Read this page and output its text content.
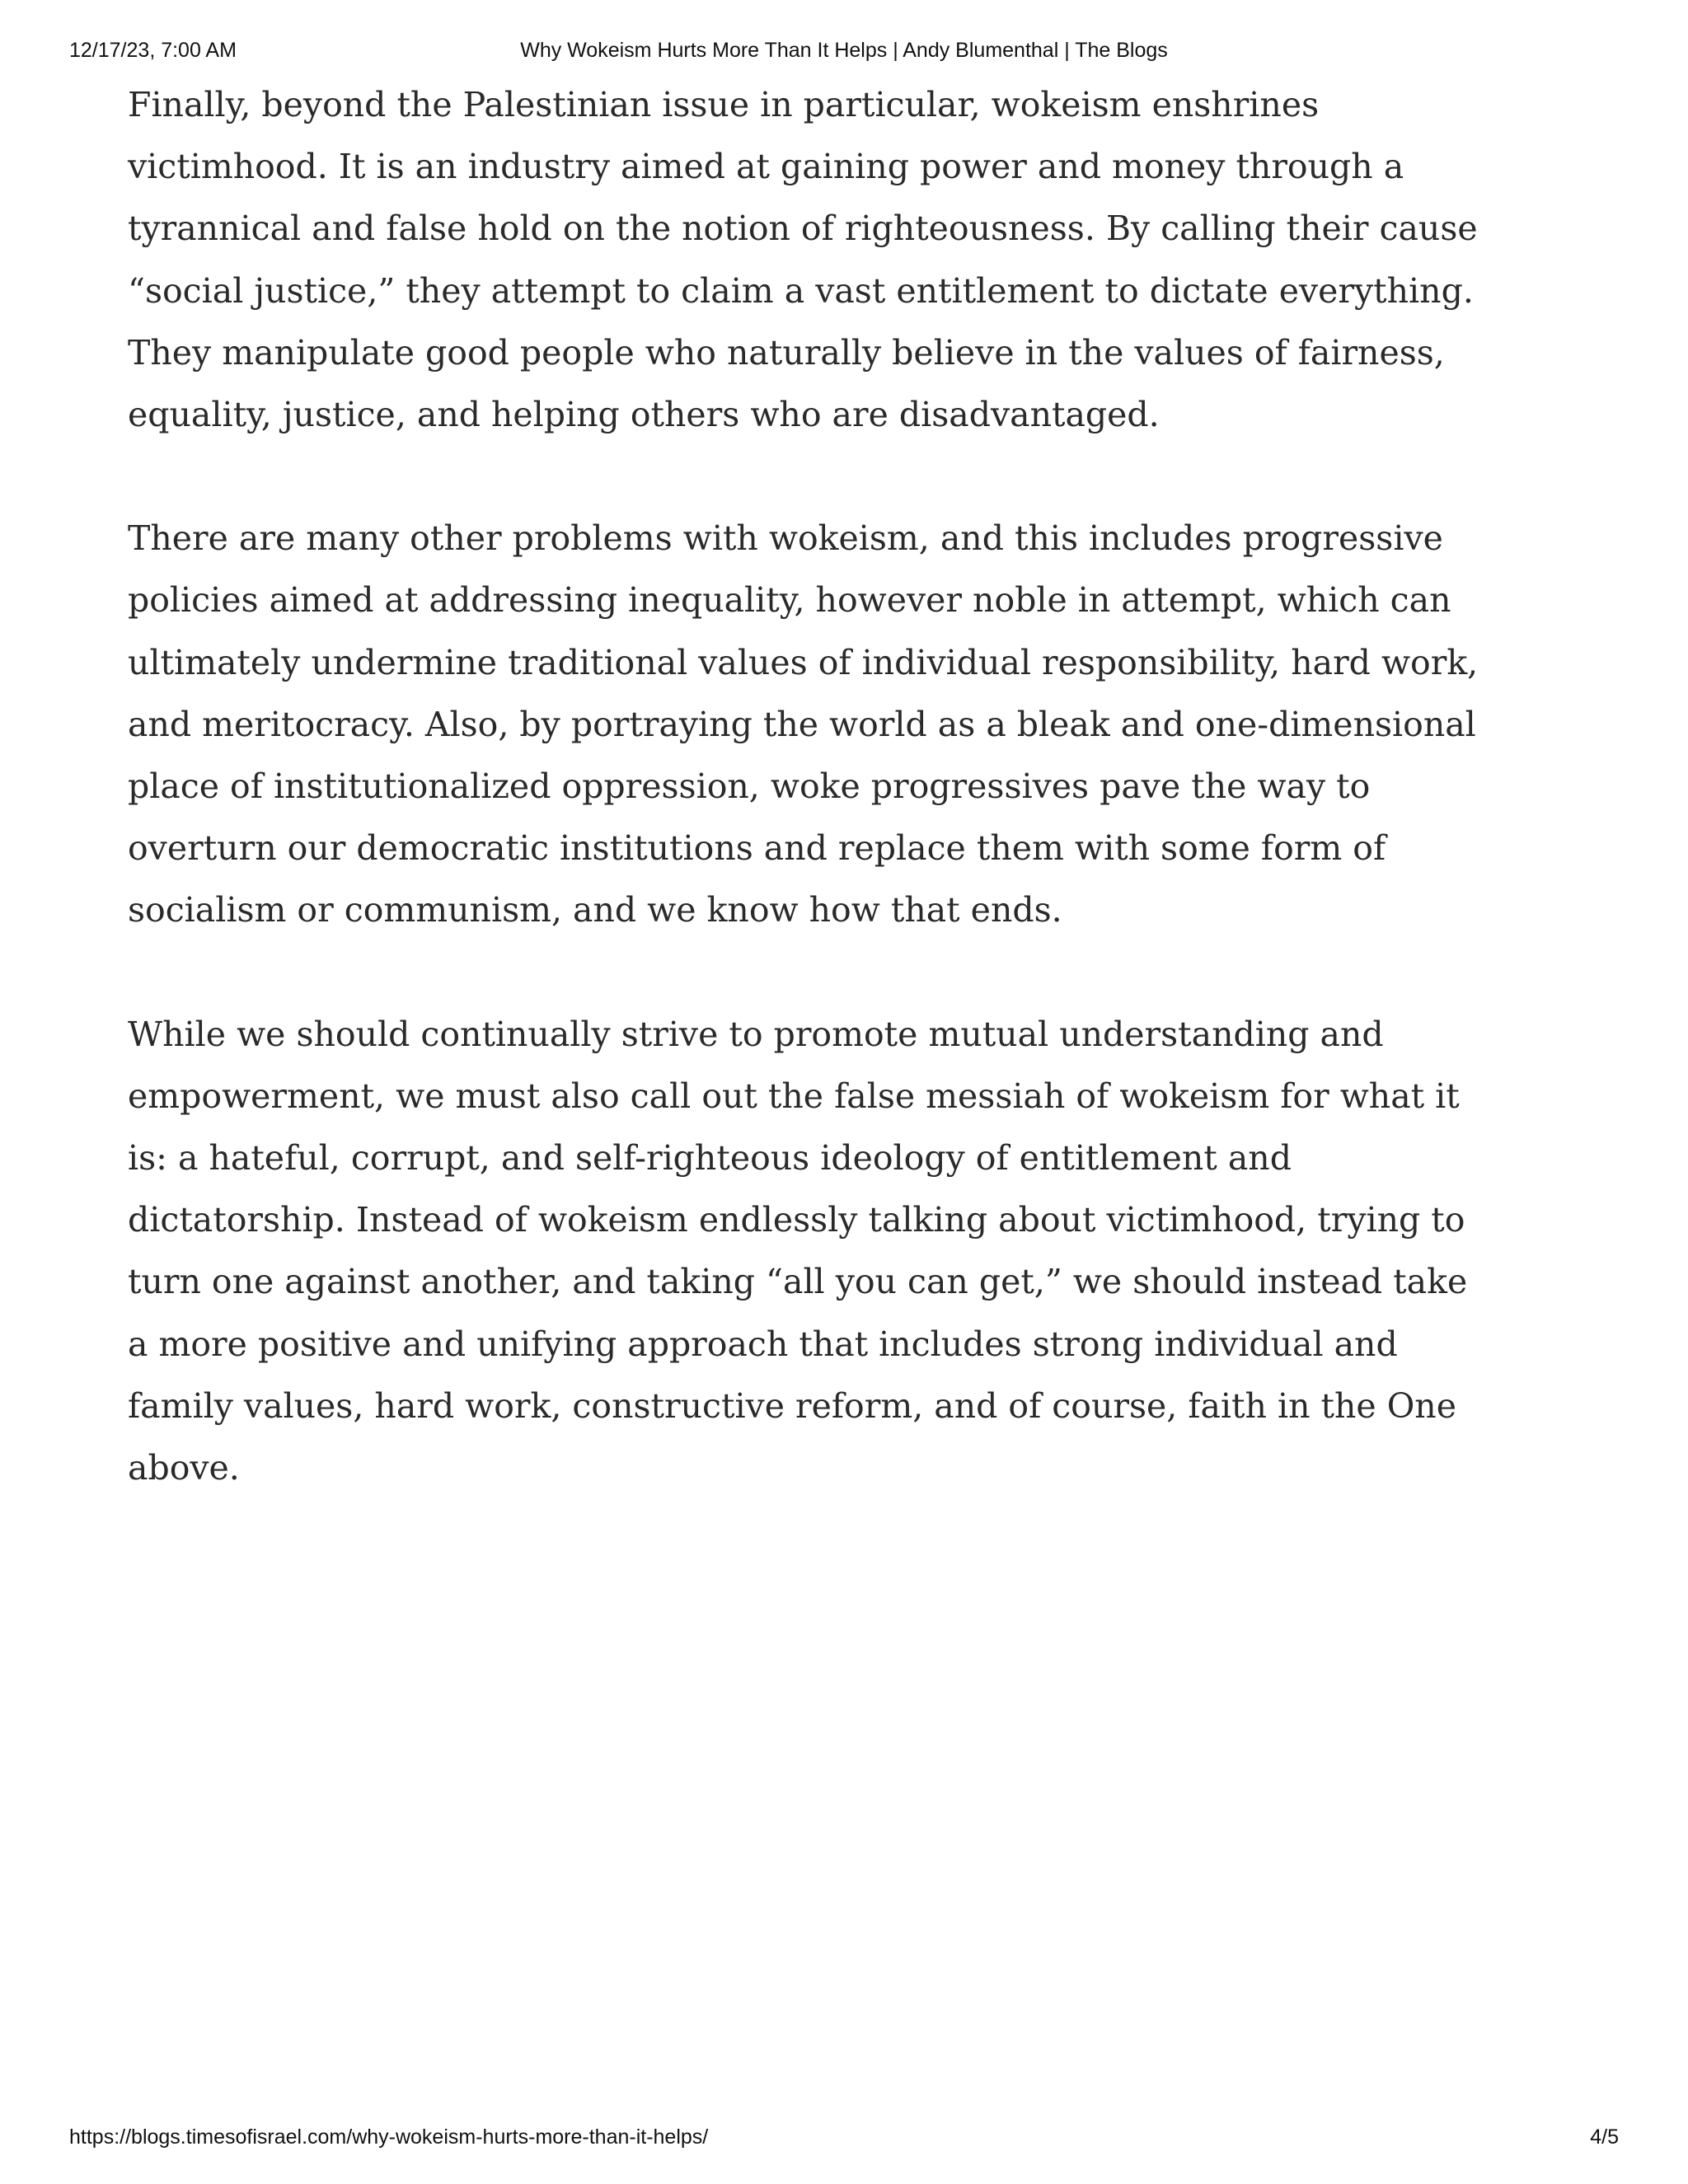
12/17/23, 7:00 AM	Why Wokeism Hurts More Than It Helps | Andy Blumenthal | The Blogs

Finally, beyond the Palestinian issue in particular, wokeism enshrines victimhood. It is an industry aimed at gaining power and money through a tyrannical and false hold on the notion of righteousness. By calling their cause “social justice,” they attempt to claim a vast entitlement to dictate everything. They manipulate good people who naturally believe in the values of fairness, equality, justice, and helping others who are disadvantaged.

There are many other problems with wokeism, and this includes progressive policies aimed at addressing inequality, however noble in attempt, which can ultimately undermine traditional values of individual responsibility, hard work, and meritocracy. Also, by portraying the world as a bleak and one-dimensional place of institutionalized oppression, woke progressives pave the way to overturn our democratic institutions and replace them with some form of socialism or communism, and we know how that ends.

While we should continually strive to promote mutual understanding and empowerment, we must also call out the false messiah of wokeism for what it is: a hateful, corrupt, and self-righteous ideology of entitlement and dictatorship. Instead of wokeism endlessly talking about victimhood, trying to turn one against another, and taking “all you can get,” we should instead take a more positive and unifying approach that includes strong individual and family values, hard work, constructive reform, and of course, faith in the One above.

https://blogs.timesofisrael.com/why-wokeism-hurts-more-than-it-helps/	4/5
